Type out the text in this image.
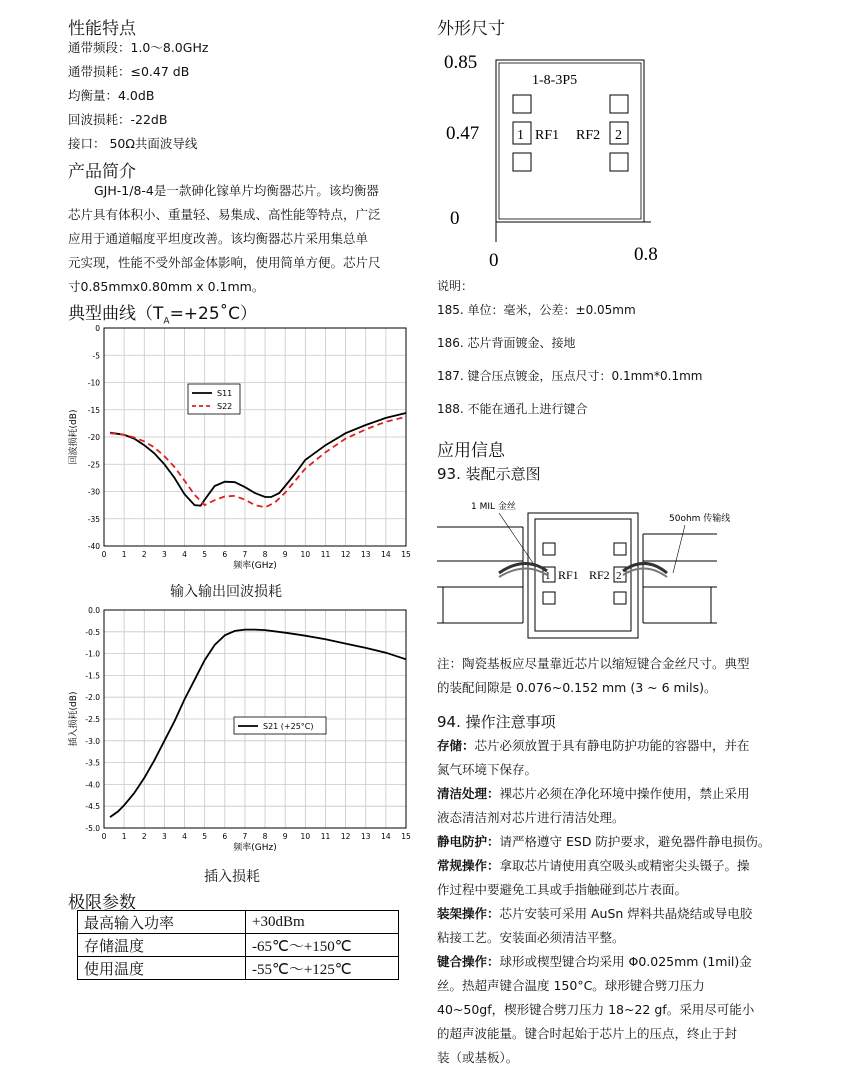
性能特点
通带频段：1.0～8.0GHz
通带损耗：≤0.47 dB
均衡量：4.0dB
回波损耗：-22dB
接口： 50Ω共面波导线
产品简介
GJH-1/8-4是一款砷化镓单片均衡器芯片。该均衡器
芯片具有体积小、重量轻、易集成、高性能等特点，广泛
应用于通道幅度平坦度改善。该均衡器芯片采用集总单
元实现，性能不受外部金体影响，使用简单方便。芯片尺
寸0.85mmx0.80mm x 0.1mm。
典型曲线$(T_A=+25˚C)$
0 1 2 3 4 5 6 7 8 9 10 11 12 13 14 15
0
-5
-10
-15
-20
-25
-30
-35
-40
频率(GHz)
回波损耗(dB)
S11
S22
输入输出回波损耗
0 1 2 3 4 5 6 7 8 9 10 11 12 13 14 15
0.0
-0.5
-1.0
-1.5
-2.0
-2.5
-3.0
-3.5
-4.0
-4.5
-5.0
频率(GHz)
插入损耗(dB)	S21 (+25°C)
插入损耗
极限参数
最高输入功率	+30dBm
存储温度	-65℃～+150℃
使用温度	-55℃～+125℃
外形尺寸
1-8-3P5
1	2
RF1 RF2
0.85
0.47
0
0	0.8
说明：
185. 单位：毫米，公差：±0.05mm
186. 芯片背面镀金、接地
187. 键合压点镀金，压点尺寸：0.1mm*0.1mm
188. 不能在通孔上进行键合
应用信息
93. 装配示意图
1	2
RF1 RF2
1 MIL 金丝
50ohm 传输线
注：陶瓷基板应尽量靠近芯片以缩短键合金丝尺寸。典型
的装配间隙是 0.076~0.152 mm (3 ~ 6 mils)。
94. 操作注意事项
存储：芯片必须放置于具有静电防护功能的容器中，并在
氮气环境下保存。
清洁处理：裸芯片必须在净化环境中操作使用，禁止采用
液态清洁剂对芯片进行清洁处理。
静电防护：请严格遵守 ESD 防护要求，避免器件静电损伤。
常规操作：拿取芯片请使用真空吸头或精密尖头镊子。操
作过程中要避免工具或手指触碰到芯片表面。
装架操作：芯片安装可采用 AuSn 焊料共晶烧结或导电胶
粘接工艺。安装面必须清洁平整。
键合操作：球形或楔型键合均采用 Φ0.025mm (1mil)金
丝。热超声键合温度 150°C。球形键合劈刀压力
40~50gf，楔形键合劈刀压力 18~22 gf。采用尽可能小
的超声波能量。键合时起始于芯片上的压点，终止于封
装（或基板）。
